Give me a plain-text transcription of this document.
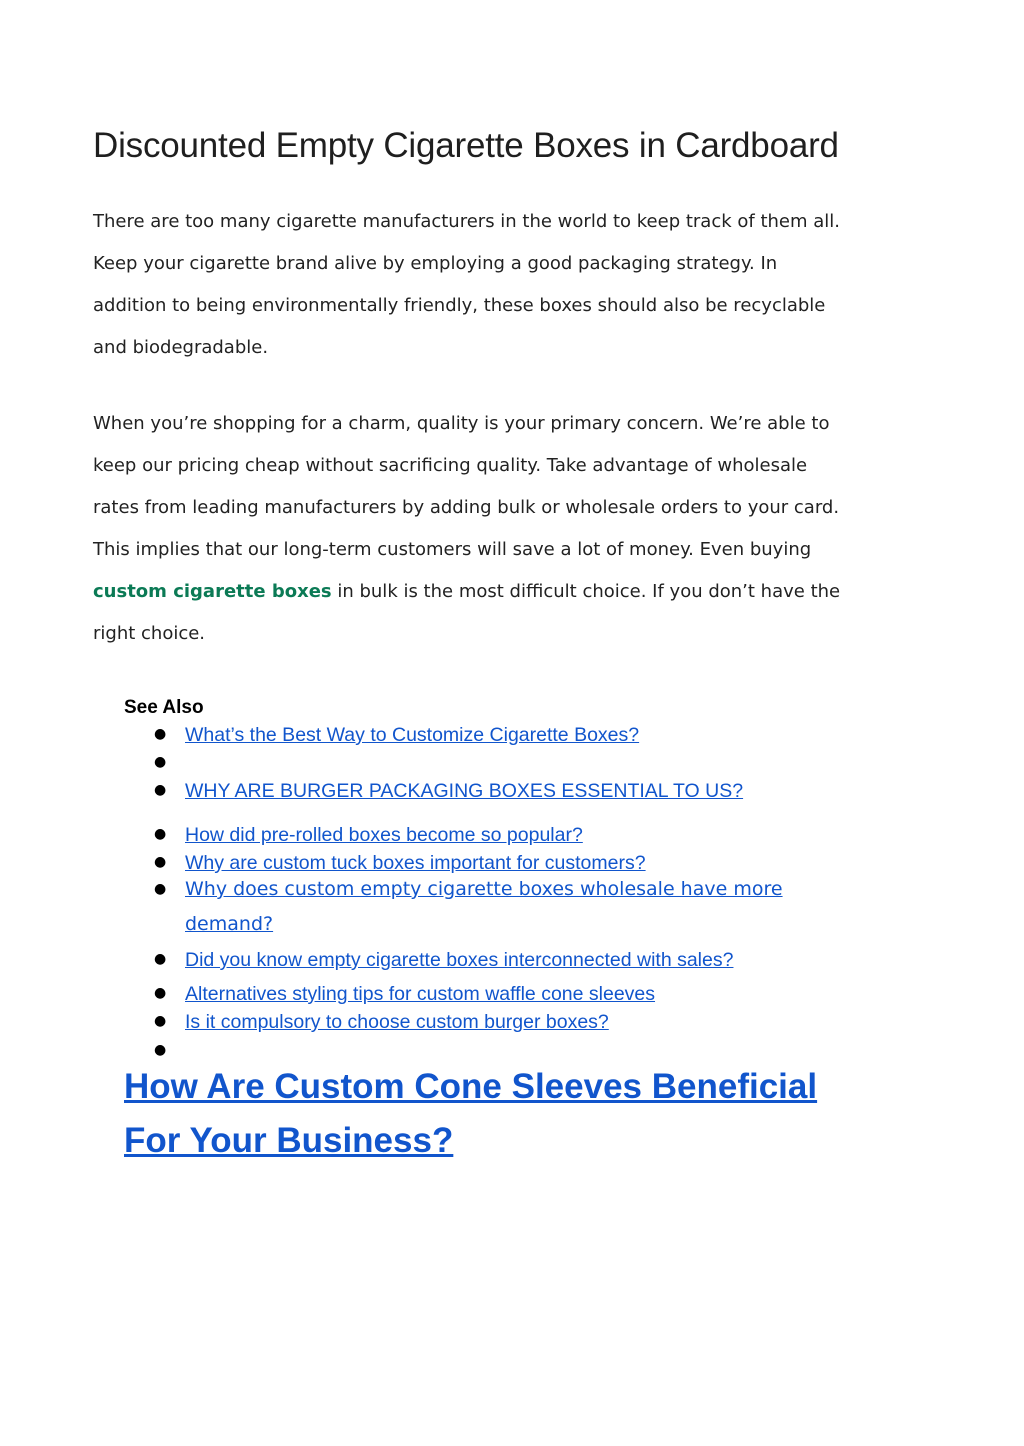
Discounted Empty Cigarette Boxes in Cardboard

There are too many cigarette manufacturers in the world to keep track of them all.
Keep your cigarette brand alive by employing a good packaging strategy. In
addition to being environmentally friendly, these boxes should also be recyclable
and biodegradable.

When you’re shopping for a charm, quality is your primary concern. We’re able to
keep our pricing cheap without sacrificing quality. Take advantage of wholesale
rates from leading manufacturers by adding bulk or wholesale orders to your card.
This implies that our long-term customers will save a lot of money. Even buying
custom cigarette boxes in bulk is the most difficult choice. If you don’t have the
right choice.

See Also
● What’s the Best Way to Customize Cigarette Boxes?
●
● WHY ARE BURGER PACKAGING BOXES ESSENTIAL TO US?
● How did pre-rolled boxes become so popular?
● Why are custom tuck boxes important for customers?
● Why does custom empty cigarette boxes wholesale have more demand?
● Did you know empty cigarette boxes interconnected with sales?
● Alternatives styling tips for custom waffle cone sleeves
● Is it compulsory to choose custom burger boxes?
●
How Are Custom Cone Sleeves Beneficial
For Your Business?
